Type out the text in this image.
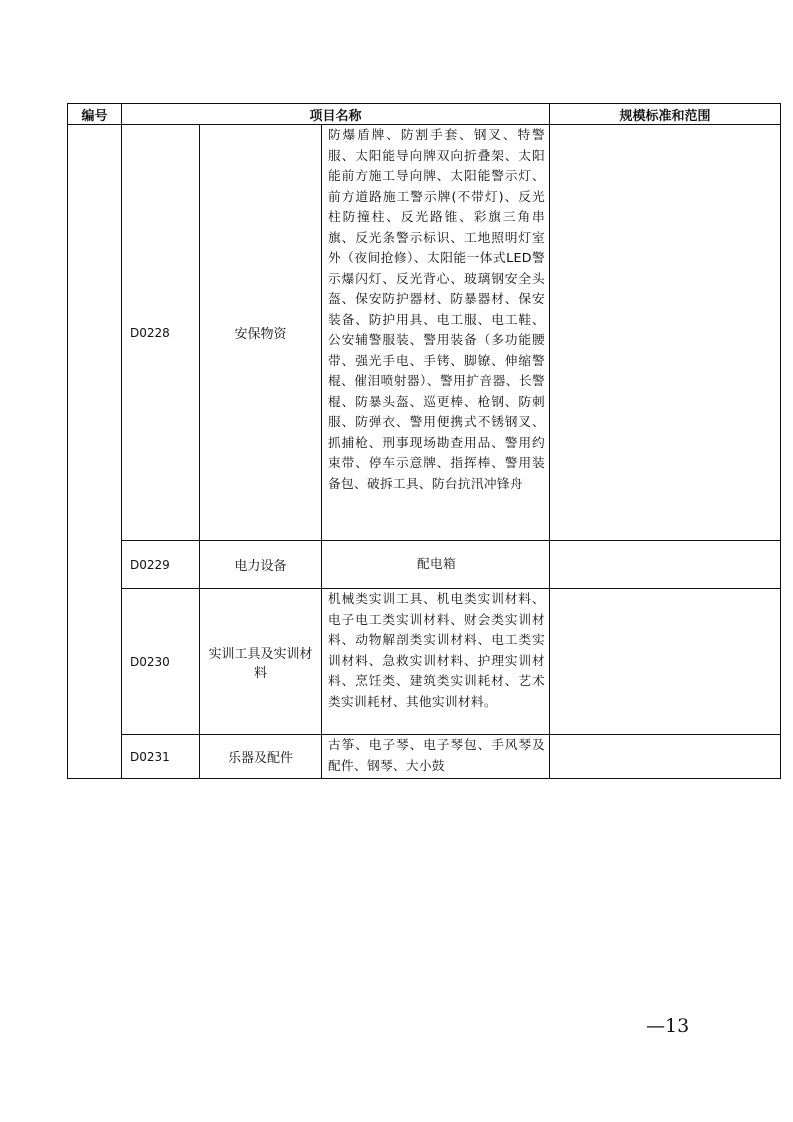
编号	项目名称			规模标准和范围
	D0228	安保物资	防爆盾牌、防割手套、钢叉、特警服、太阳能导向牌双向折叠架、太阳能前方施工导向牌、太阳能警示灯、前方道路施工警示牌(不带灯)、反光柱防撞柱、反光路锥、彩旗三角串旗、反光条警示标识、工地照明灯室外（夜间抢修）、太阳能一体式LED警示爆闪灯、反光背心、玻璃钢安全头盔、保安防护器材、防暴器材、保安装备、防护用具、电工服、电工鞋、公安辅警服装、警用装备（多功能腰带、强光手电、手铐、脚镣、伸缩警棍、催泪喷射器）、警用扩音器、长警棍、防暴头盔、巡更棒、枪钢、防刺服、防弹衣、警用便携式不锈钢叉、抓捕枪、刑事现场勘查用品、警用约束带、停车示意牌、指挥棒、警用装备包、破拆工具、防台抗汛冲锋舟	
	D0229	电力设备	配电箱	
	D0230	实训工具及实训材料	机械类实训工具、机电类实训材料、电子电工类实训材料、财会类实训材料、动物解剖类实训材料、电工类实训材料、急救实训材料、护理实训材料、烹饪类、建筑类实训耗材、艺术类实训耗材、其他实训材料。	
	D0231	乐器及配件	古筝、电子琴、电子琴包、手风琴及配件、钢琴、大小鼓	
—13
